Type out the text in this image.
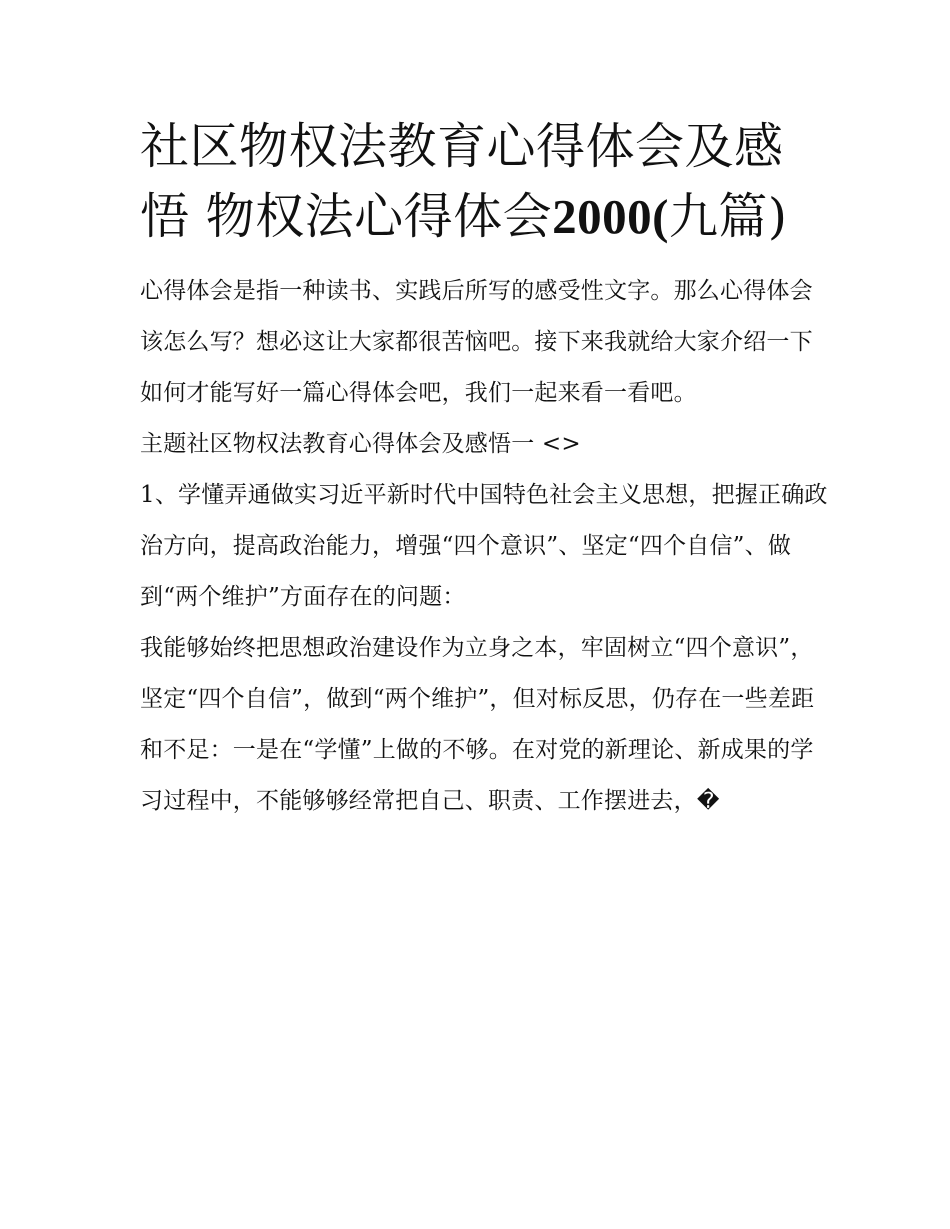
社区物权法教育心得体会及感悟 物权法心得体会2000(九篇)

心得体会是指一种读书、实践后所写的感受性文字。那么心得体会该怎么写？想必这让大家都很苦恼吧。接下来我就给大家介绍一下如何才能写好一篇心得体会吧，我们一起来看一看吧。

主题社区物权法教育心得体会及感悟一 <>

1、学懂弄通做实习近平新时代中国特色社会主义思想，把握正确政治方向，提高政治能力，增强“四个意识”、坚定“四个自信”、做到“两个维护”方面存在的问题：

我能够始终把思想政治建设作为立身之本，牢固树立“四个意识”，坚定“四个自信”，做到“两个维护”，但对标反思，仍存在一些差距和不足：一是在“学懂”上做的不够。在对党的新理论、新成果的学习过程中，不能够够经常把自己、职责、工作摆进去，�
